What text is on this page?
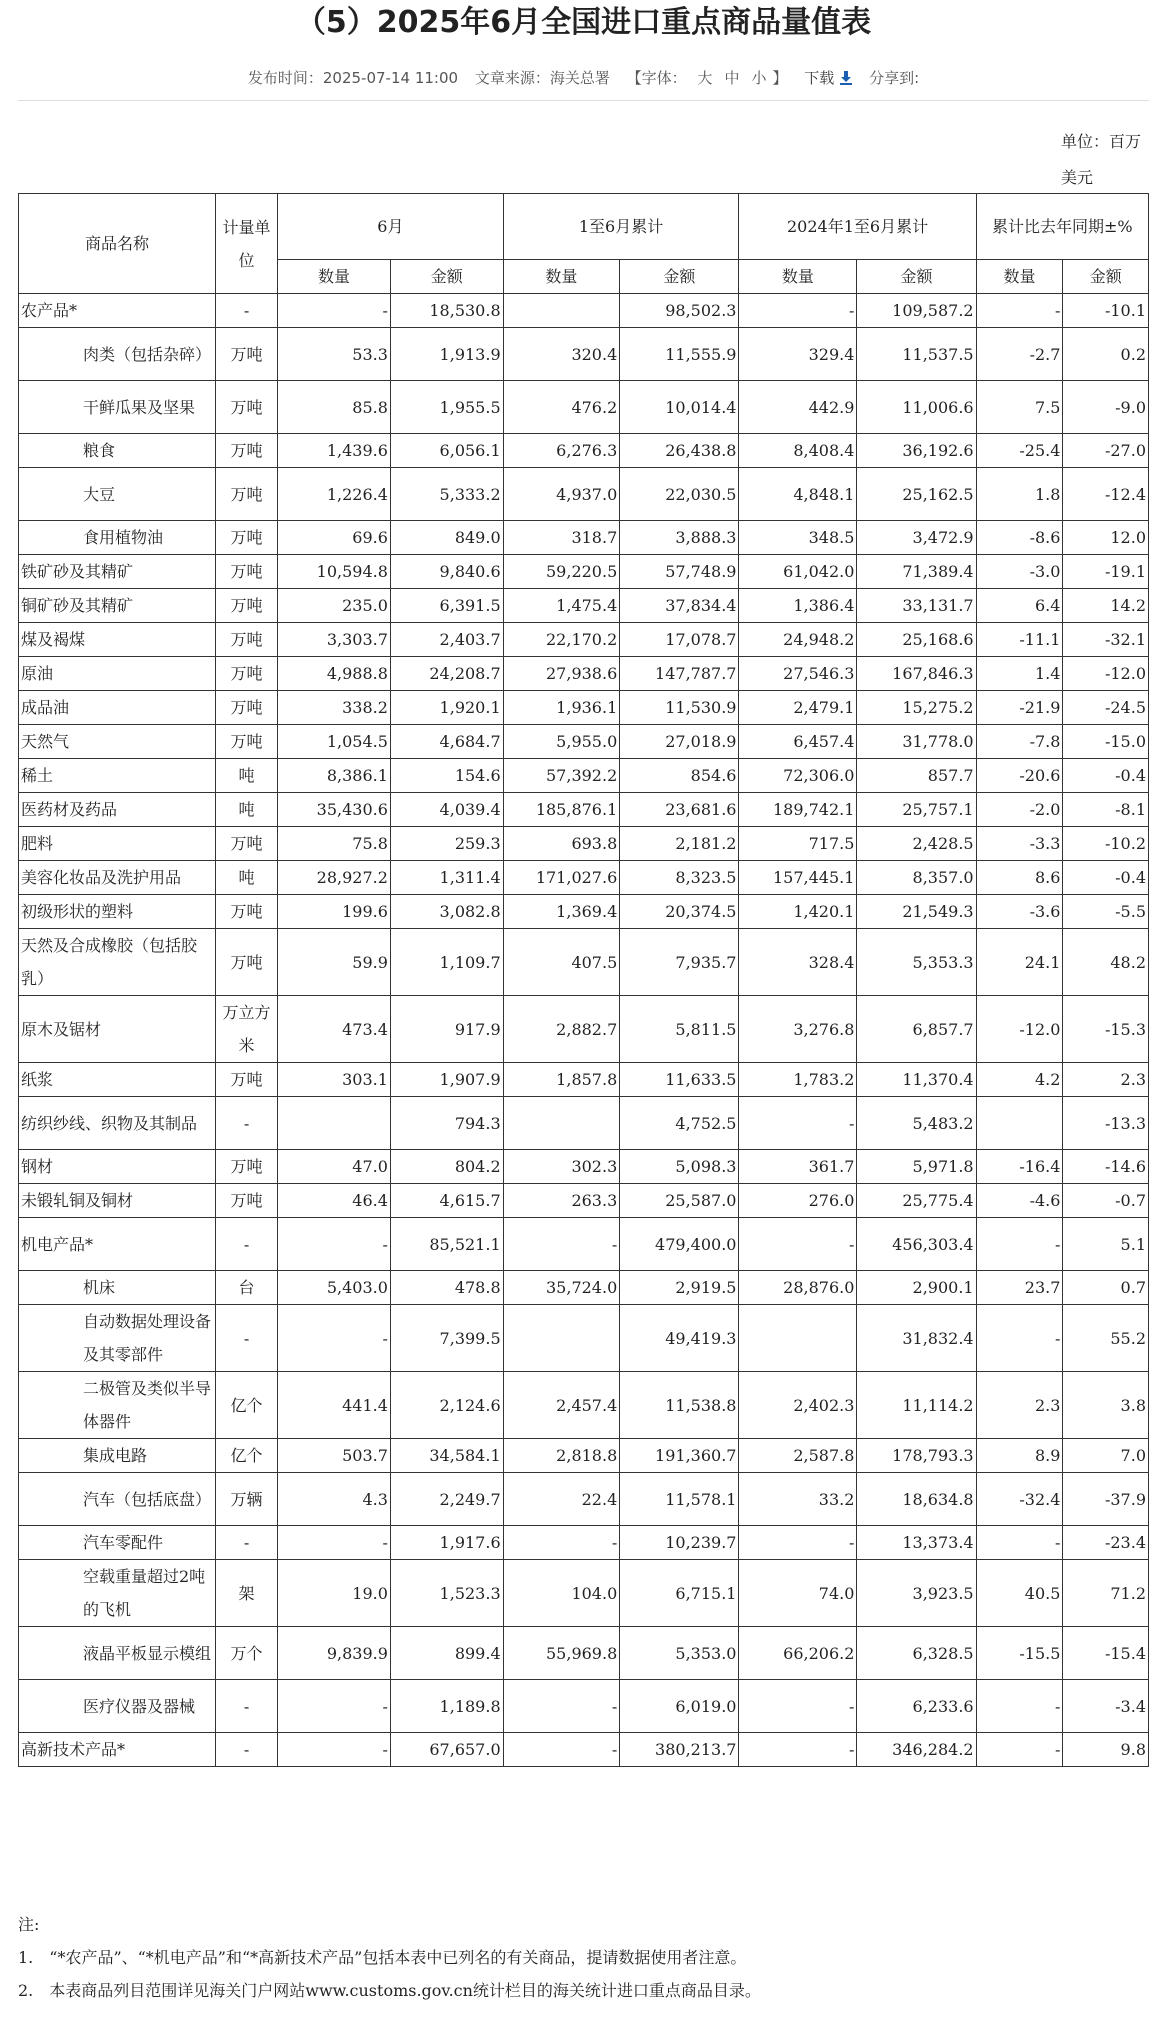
（5）2025年6月全国进口重点商品量值表
发布时间：2025-07-14 11:00 文章来源：海关总署 【字体： 大 中 小 】 下载 分享到:
单位：百万美元
商品名称	计量单位	6月		1至6月累计		2024年1至6月累计		累计比去年同期±%	
		数量	金额	数量	金额	数量	金额	数量	金额
农产品*	-	-	18,530.8		98,502.3	-	109,587.2	-	-10.1
肉类（包括杂碎）	万吨	53.3	1,913.9	320.4	11,555.9	329.4	11,537.5	-2.7	0.2
干鲜瓜果及坚果	万吨	85.8	1,955.5	476.2	10,014.4	442.9	11,006.6	7.5	-9.0
粮食	万吨	1,439.6	6,056.1	6,276.3	26,438.8	8,408.4	36,192.6	-25.4	-27.0
大豆	万吨	1,226.4	5,333.2	4,937.0	22,030.5	4,848.1	25,162.5	1.8	-12.4
食用植物油	万吨	69.6	849.0	318.7	3,888.3	348.5	3,472.9	-8.6	12.0
铁矿砂及其精矿	万吨	10,594.8	9,840.6	59,220.5	57,748.9	61,042.0	71,389.4	-3.0	-19.1
铜矿砂及其精矿	万吨	235.0	6,391.5	1,475.4	37,834.4	1,386.4	33,131.7	6.4	14.2
煤及褐煤	万吨	3,303.7	2,403.7	22,170.2	17,078.7	24,948.2	25,168.6	-11.1	-32.1
原油	万吨	4,988.8	24,208.7	27,938.6	147,787.7	27,546.3	167,846.3	1.4	-12.0
成品油	万吨	338.2	1,920.1	1,936.1	11,530.9	2,479.1	15,275.2	-21.9	-24.5
天然气	万吨	1,054.5	4,684.7	5,955.0	27,018.9	6,457.4	31,778.0	-7.8	-15.0
稀土	吨	8,386.1	154.6	57,392.2	854.6	72,306.0	857.7	-20.6	-0.4
医药材及药品	吨	35,430.6	4,039.4	185,876.1	23,681.6	189,742.1	25,757.1	-2.0	-8.1
肥料	万吨	75.8	259.3	693.8	2,181.2	717.5	2,428.5	-3.3	-10.2
美容化妆品及洗护用品	吨	28,927.2	1,311.4	171,027.6	8,323.5	157,445.1	8,357.0	8.6	-0.4
初级形状的塑料	万吨	199.6	3,082.8	1,369.4	20,374.5	1,420.1	21,549.3	-3.6	-5.5
天然及合成橡胶（包括胶乳）	万吨	59.9	1,109.7	407.5	7,935.7	328.4	5,353.3	24.1	48.2
原木及锯材	万立方米	473.4	917.9	2,882.7	5,811.5	3,276.8	6,857.7	-12.0	-15.3
纸浆	万吨	303.1	1,907.9	1,857.8	11,633.5	1,783.2	11,370.4	4.2	2.3
纺织纱线、织物及其制品	-		794.3		4,752.5	-	5,483.2		-13.3
钢材	万吨	47.0	804.2	302.3	5,098.3	361.7	5,971.8	-16.4	-14.6
未锻轧铜及铜材	万吨	46.4	4,615.7	263.3	25,587.0	276.0	25,775.4	-4.6	-0.7
机电产品*	-	-	85,521.1	-	479,400.0	-	456,303.4	-	5.1
机床	台	5,403.0	478.8	35,724.0	2,919.5	28,876.0	2,900.1	23.7	0.7
自动数据处理设备及其零部件	-	-	7,399.5		49,419.3		31,832.4	-	55.2
二极管及类似半导体器件	亿个	441.4	2,124.6	2,457.4	11,538.8	2,402.3	11,114.2	2.3	3.8
集成电路	亿个	503.7	34,584.1	2,818.8	191,360.7	2,587.8	178,793.3	8.9	7.0
汽车（包括底盘）	万辆	4.3	2,249.7	22.4	11,578.1	33.2	18,634.8	-32.4	-37.9
汽车零配件	-	-	1,917.6	-	10,239.7	-	13,373.4	-	-23.4
空载重量超过2吨的飞机	架	19.0	1,523.3	104.0	6,715.1	74.0	3,923.5	40.5	71.2
液晶平板显示模组	万个	9,839.9	899.4	55,969.8	5,353.0	66,206.2	6,328.5	-15.5	-15.4
医疗仪器及器械	-	-	1,189.8	-	6,019.0	-	6,233.6	-	-3.4
高新技术产品*	-	-	67,657.0	-	380,213.7	-	346,284.2	-	9.8
注:
1.　“*农产品”、“*机电产品”和“*高新技术产品”包括本表中已列名的有关商品，提请数据使用者注意。
2.　本表商品列目范围详见海关门户网站www.customs.gov.cn统计栏目的海关统计进口重点商品目录。
